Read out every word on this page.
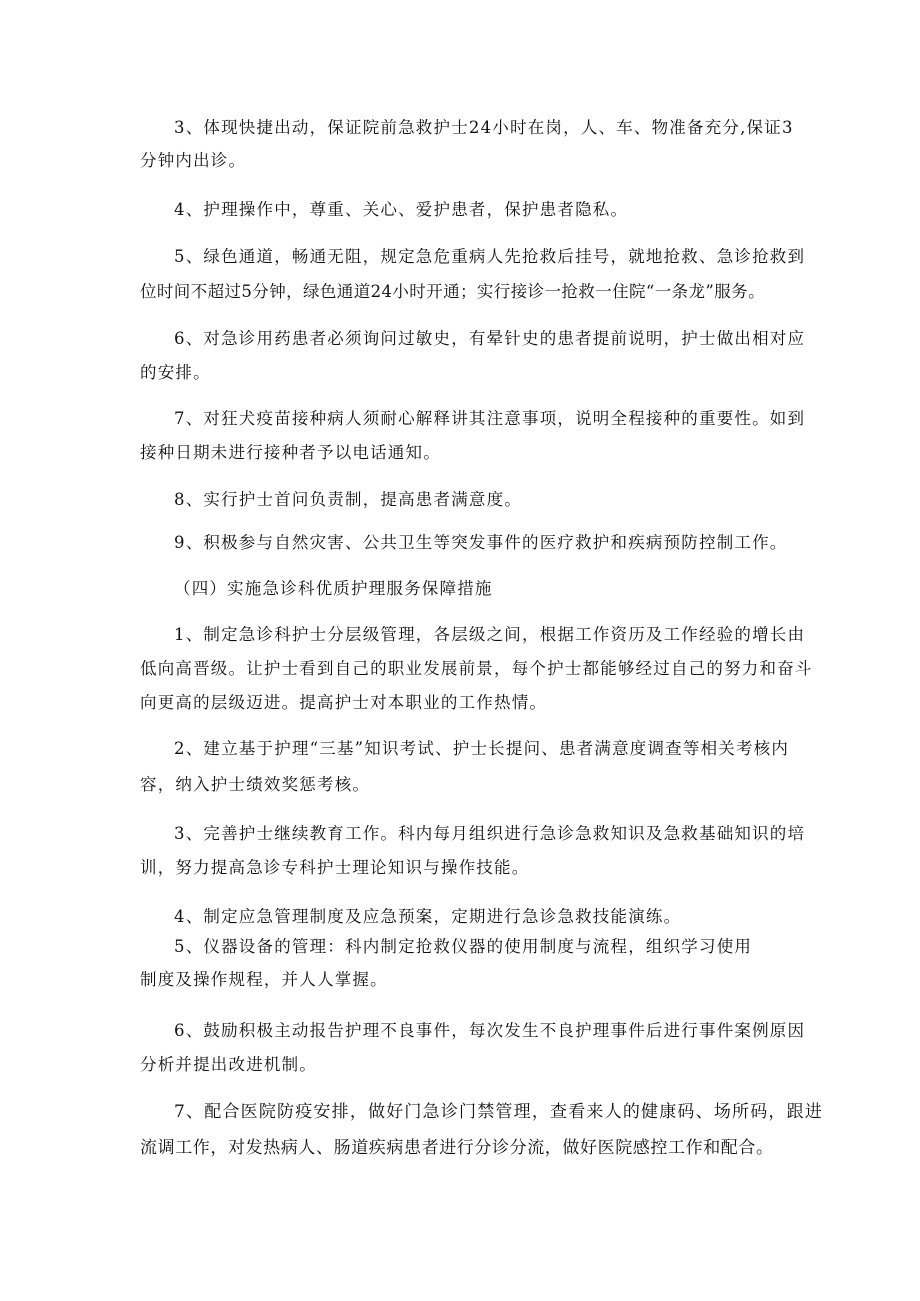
3、体现快捷出动，保证院前急救护士24小时在岗，人、车、物准备充分,保证3
分钟内出诊。
4、护理操作中，尊重、关心、爱护患者，保护患者隐私。
5、绿色通道，畅通无阻，规定急危重病人先抢救后挂号，就地抢救、急诊抢救到
位时间不超过5分钟，绿色通道24小时开通；实行接诊一抢救一住院“一条龙”服务。
6、对急诊用药患者必须询问过敏史，有晕针史的患者提前说明，护士做出相对应
的安排。
7、对狂犬疫苗接种病人须耐心解释讲其注意事项，说明全程接种的重要性。如到
接种日期未进行接种者予以电话通知。
8、实行护士首问负责制，提高患者满意度。
9、积极参与自然灾害、公共卫生等突发事件的医疗救护和疾病预防控制工作。
（四）实施急诊科优质护理服务保障措施
1、制定急诊科护士分层级管理，各层级之间，根据工作资历及工作经验的增长由
低向高晋级。让护士看到自己的职业发展前景，每个护士都能够经过自己的努力和奋斗
向更高的层级迈进。提高护士对本职业的工作热情。
2、建立基于护理“三基”知识考试、护士长提问、患者满意度调查等相关考核内
容，纳入护士绩效奖惩考核。
3、完善护士继续教育工作。科内每月组织进行急诊急救知识及急救基础知识的培
训，努力提高急诊专科护士理论知识与操作技能。
4、制定应急管理制度及应急预案，定期进行急诊急救技能演练。
5、仪器设备的管理：科内制定抢救仪器的使用制度与流程，组织学习使用
制度及操作规程，并人人掌握。
6、鼓励积极主动报告护理不良事件，每次发生不良护理事件后进行事件案例原因
分析并提出改进机制。
7、配合医院防疫安排，做好门急诊门禁管理，查看来人的健康码、场所码，跟进
流调工作，对发热病人、肠道疾病患者进行分诊分流，做好医院感控工作和配合。
